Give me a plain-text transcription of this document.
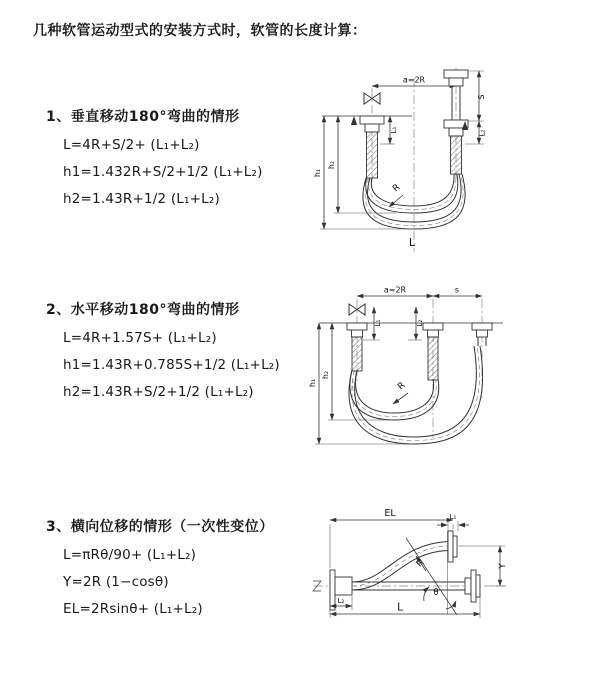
几种软管运动型式的安装方式时，软管的长度计算：
1、垂直移动180°弯曲的情形
L=4R+S/2+ (L₁+L₂)
h1=1.432R+S/2+1/2 (L₁+L₂)
h2=1.43R+1/2 (L₁+L₂)
2、水平移动180°弯曲的情形
L=4R+1.57S+ (L₁+L₂)
h1=1.43R+0.785S+1/2 (L₁+L₂)
h2=1.43R+S/2+1/2 (L₁+L₂)
3、横向位移的情形（一次性变位）
L=πRθ/90+ (L₁+L₂)
Y=2R (1−cosθ)
EL=2Rsinθ+ (L₁+L₂)
a=2R
S
L₂
L₁
h₁
h₂
R
L
a=2R	s
h₁
h₂
L₁	L₂
R
EL	L₁
θ
R	Y
L₂
L
